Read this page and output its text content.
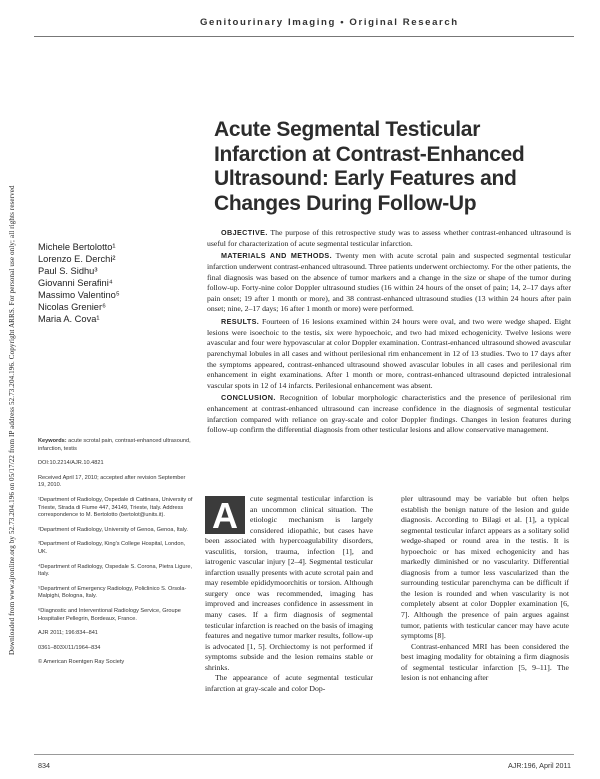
Downloaded from www.ajronline.org by 52.73.204.196 on 05/17/22 from IP address 52.73.204.196. Copyright ARRS. For personal use only; all rights reserved
Genitourinary Imaging • Original Research
Acute Segmental Testicular
Infarction at Contrast-Enhanced
Ultrasound: Early Features and
Changes During Follow-Up
Michele Bertolotto¹
Lorenzo E. Derchi²
Paul S. Sidhu³
Giovanni Serafini⁴
Massimo Valentino⁵
Nicolas Grenier⁶
Maria A. Cova¹

Keywords: acute scrotal pain, contrast-enhanced ultrasound, infarction, testis

DOI:10.2214/AJR.10.4821

Received April 17, 2010; accepted after revision September 19, 2010.

¹Department of Radiology, Ospedale di Cattinara, University of Trieste, Strada di Fiume 447, 34149, Trieste, Italy. Address correspondence to M. Bertolotto (bertolot@units.it).

²Department of Radiology, University of Genoa, Genoa, Italy.

³Department of Radiology, King's College Hospital, London, UK.

⁴Department of Radiology, Ospedale S. Corona, Pietra Ligure, Italy.

⁵Department of Emergency Radiology, Policlinico S. Orsola-Malpighi, Bologna, Italy.

⁶Diagnostic and Interventional Radiology Service, Groupe Hospitalier Pellegrin, Bordeaux, France.

AJR 2011; 196:834–841

0361–803X/11/1964–834

© American Roentgen Ray Society

OBJECTIVE. The purpose of this retrospective study was to assess whether contrast-enhanced ultrasound is useful for characterization of acute segmental testicular infarction.

MATERIALS AND METHODS. Twenty men with acute scrotal pain and suspected segmental testicular infarction underwent contrast-enhanced ultrasound. Three patients underwent orchiectomy. For the other patients, the final diagnosis was based on the absence of tumor markers and a change in the size or shape of the tumor during follow-up. Forty-nine color Doppler ultrasound studies (16 within 24 hours of the onset of pain; 14, 2–17 days after pain onset; 19 after 1 month or more), and 38 contrast-enhanced ultrasound studies (13 within 24 hours after pain onset; nine, 2–17 days; 16 after 1 month or more) were performed.

RESULTS. Fourteen of 16 lesions examined within 24 hours were oval, and two were wedge shaped. Eight lesions were isoechoic to the testis, six were hypoechoic, and two had mixed echogenicity. Twelve lesions were avascular and four were hypovascular at color Doppler examination. Contrast-enhanced ultrasound showed avascular parenchymal lobules in all cases and without perilesional rim enhancement in 12 of 13 studies. Two to 17 days after the symptoms appeared, contrast-enhanced ultrasound showed avascular lobules in all cases and perilesional rim enhancement in eight examinations. After 1 month or more, contrast-enhanced ultrasound depicted intralesional vascular spots in 12 of 14 infarcts. Perilesional enhancement was absent.

CONCLUSION. Recognition of lobular morphologic characteristics and the presence of perilesional rim enhancement at contrast-enhanced ultrasound can increase confidence in the diagnosis of segmental testicular infarction compared with reliance on gray-scale and color Doppler findings. Changes in lesion features during follow-up confirm the differential diagnosis from other testicular lesions and allow conservative management.

A	cute segmental testicular infarction is an uncommon clinical situation. The etiologic mechanism is largely considered idiopathic, but cases have been associated with hypercoagulability disorders, vasculitis, torsion, trauma, infection [1], and iatrogenic vascular injury [2–4]. Segmental testicular infarction usually presents with acute scrotal pain and may resemble epididymoorchitis or torsion. Although surgery once was recommended, imaging has improved and increases confidence in assessment in many cases. If a firm diagnosis of segmental testicular infarction is reached on the basis of imaging features and negative tumor marker results, follow-up is advocated [1, 5]. Orchiectomy is not performed if symptoms subside and the lesion remains stable or shrinks.

The appearance of acute segmental testicular infarction at gray-scale and color Dop-

pler ultrasound may be variable but often helps establish the benign nature of the lesion and guide diagnosis. According to Bilagi et al. [1], a typical segmental testicular infarct appears as a solitary solid wedge-shaped or round area in the testis. It is hypoechoic or has mixed echogenicity and has markedly diminished or no vascularity. Differential diagnosis from a tumor less vascularized than the surrounding testicular parenchyma can be difficult if the lesion is rounded and when vascularity is not completely absent at color Doppler examination [6, 7]. Although the presence of pain argues against tumor, patients with testicular cancer may have acute symptoms [8].

Contrast-enhanced MRI has been considered the best imaging modality for obtaining a firm diagnosis of segmental testicular infarction [5, 9–11]. The lesion is not enhancing after

834	AJR:196, April 2011
